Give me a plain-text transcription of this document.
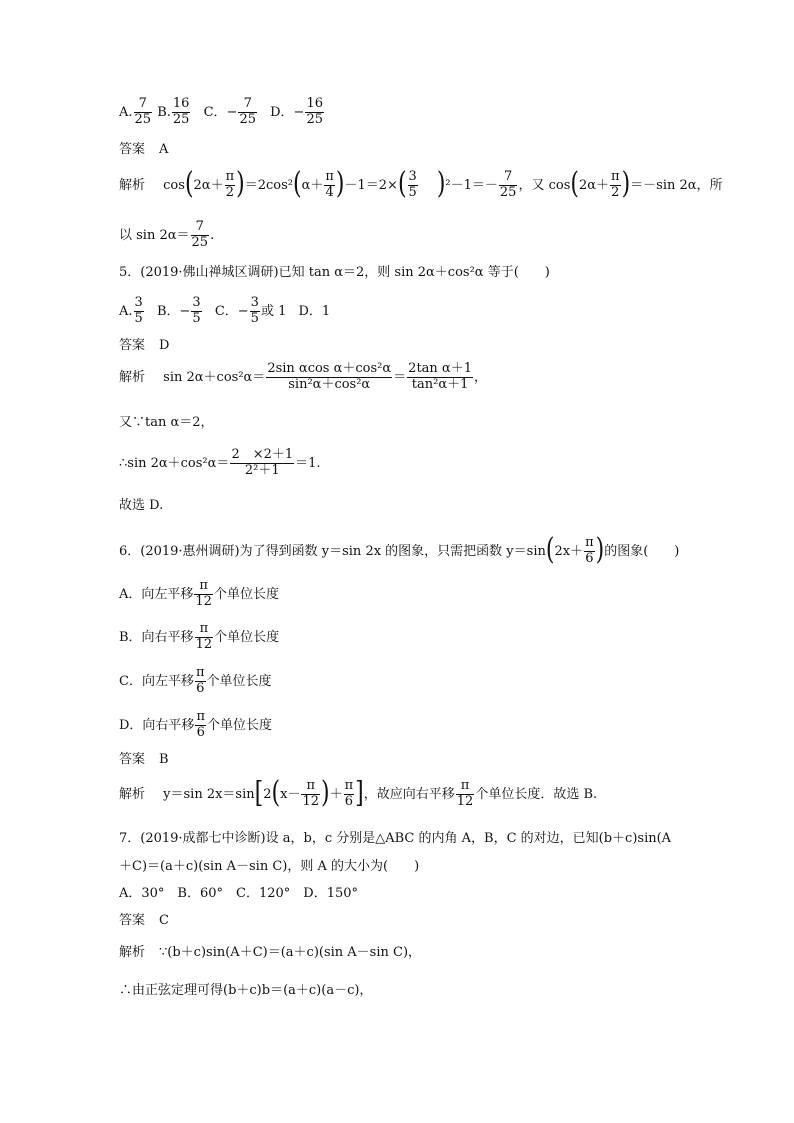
A. $\frac{7}{25} B$. $\frac{16}{25}$ C．− $\frac{7}{25}$ D．− $\frac{16}{25}$
答案 A
解析 $\cos(2\alpha+ \frac{\pi}{2} )=2\cos^2(\alpha+ \frac{\pi}{4} )-1=2\times( \frac{3}{5} )^2-1=- \frac{7}{25}$ ，又 $\cos(2\alpha+ \frac{\pi}{2} )=-\sin$ 2α，所
以 $\sin 2\alpha= \frac{7}{25}$ .
5．(2019·佛山禅城区调研)已知 tan α＝2，则 sin 2α＋cos²α 等于(　　)
A. $\frac{3}{5}$ B．− $\frac{3}{5}$ C．− $\frac{3}{5}$ 或 1 D．1
答案 D
解析 $\sin 2\alpha+\cos^2\alpha= \frac{\text{2sin αcos α＋cos²α}}{\text{sin²α＋cos²α}} = \frac{\text{2tan α＋1}}{\text{tan²α＋1}}$ ，
又∵tan α＝2，
∴sin $2\alpha+\cos^2\alpha= \frac{2 \times 2+1}{\text{2²＋1}} =1$.
故选 D.
6．(2019·惠州调研)为了得到函数 y＝sin 2x 的图象，只需把函数 $y=\sin(2x+ \frac{\pi}{6}$ )的图象(　　)
A．向左平移 $\frac{\pi}{12}$ 个单位长度
B．向右平移 $\frac{\pi}{12}$ 个单位长度
C．向左平移 $\frac{\pi}{6}$ 个单位长度
D．向右平移 $\frac{\pi}{6}$ 个单位长度
答案 B
解析 y＝sin $2x=\sin[2(x- \frac{\pi}{12}$ )＋ $\frac{\pi}{6}$ ]，故应向右平移 $\frac{\pi}{12}$ 个单位长度．故选 B.
7．(2019·成都七中诊断)设 a，b，c 分别是△ABC 的内角 A，B，C 的对边，已知(b＋c)sin(A
＋C)＝(a＋c)(sin A－sin C)，则 A 的大小为(　　)
A．30°　B．60°　C．120°　D．150°
答案 C
解析 ∵(b＋c)sin(A＋C)＝(a＋c)(sin A－sin C)，
∴由正弦定理可得(b＋c)b＝(a＋c)(a－c)，
